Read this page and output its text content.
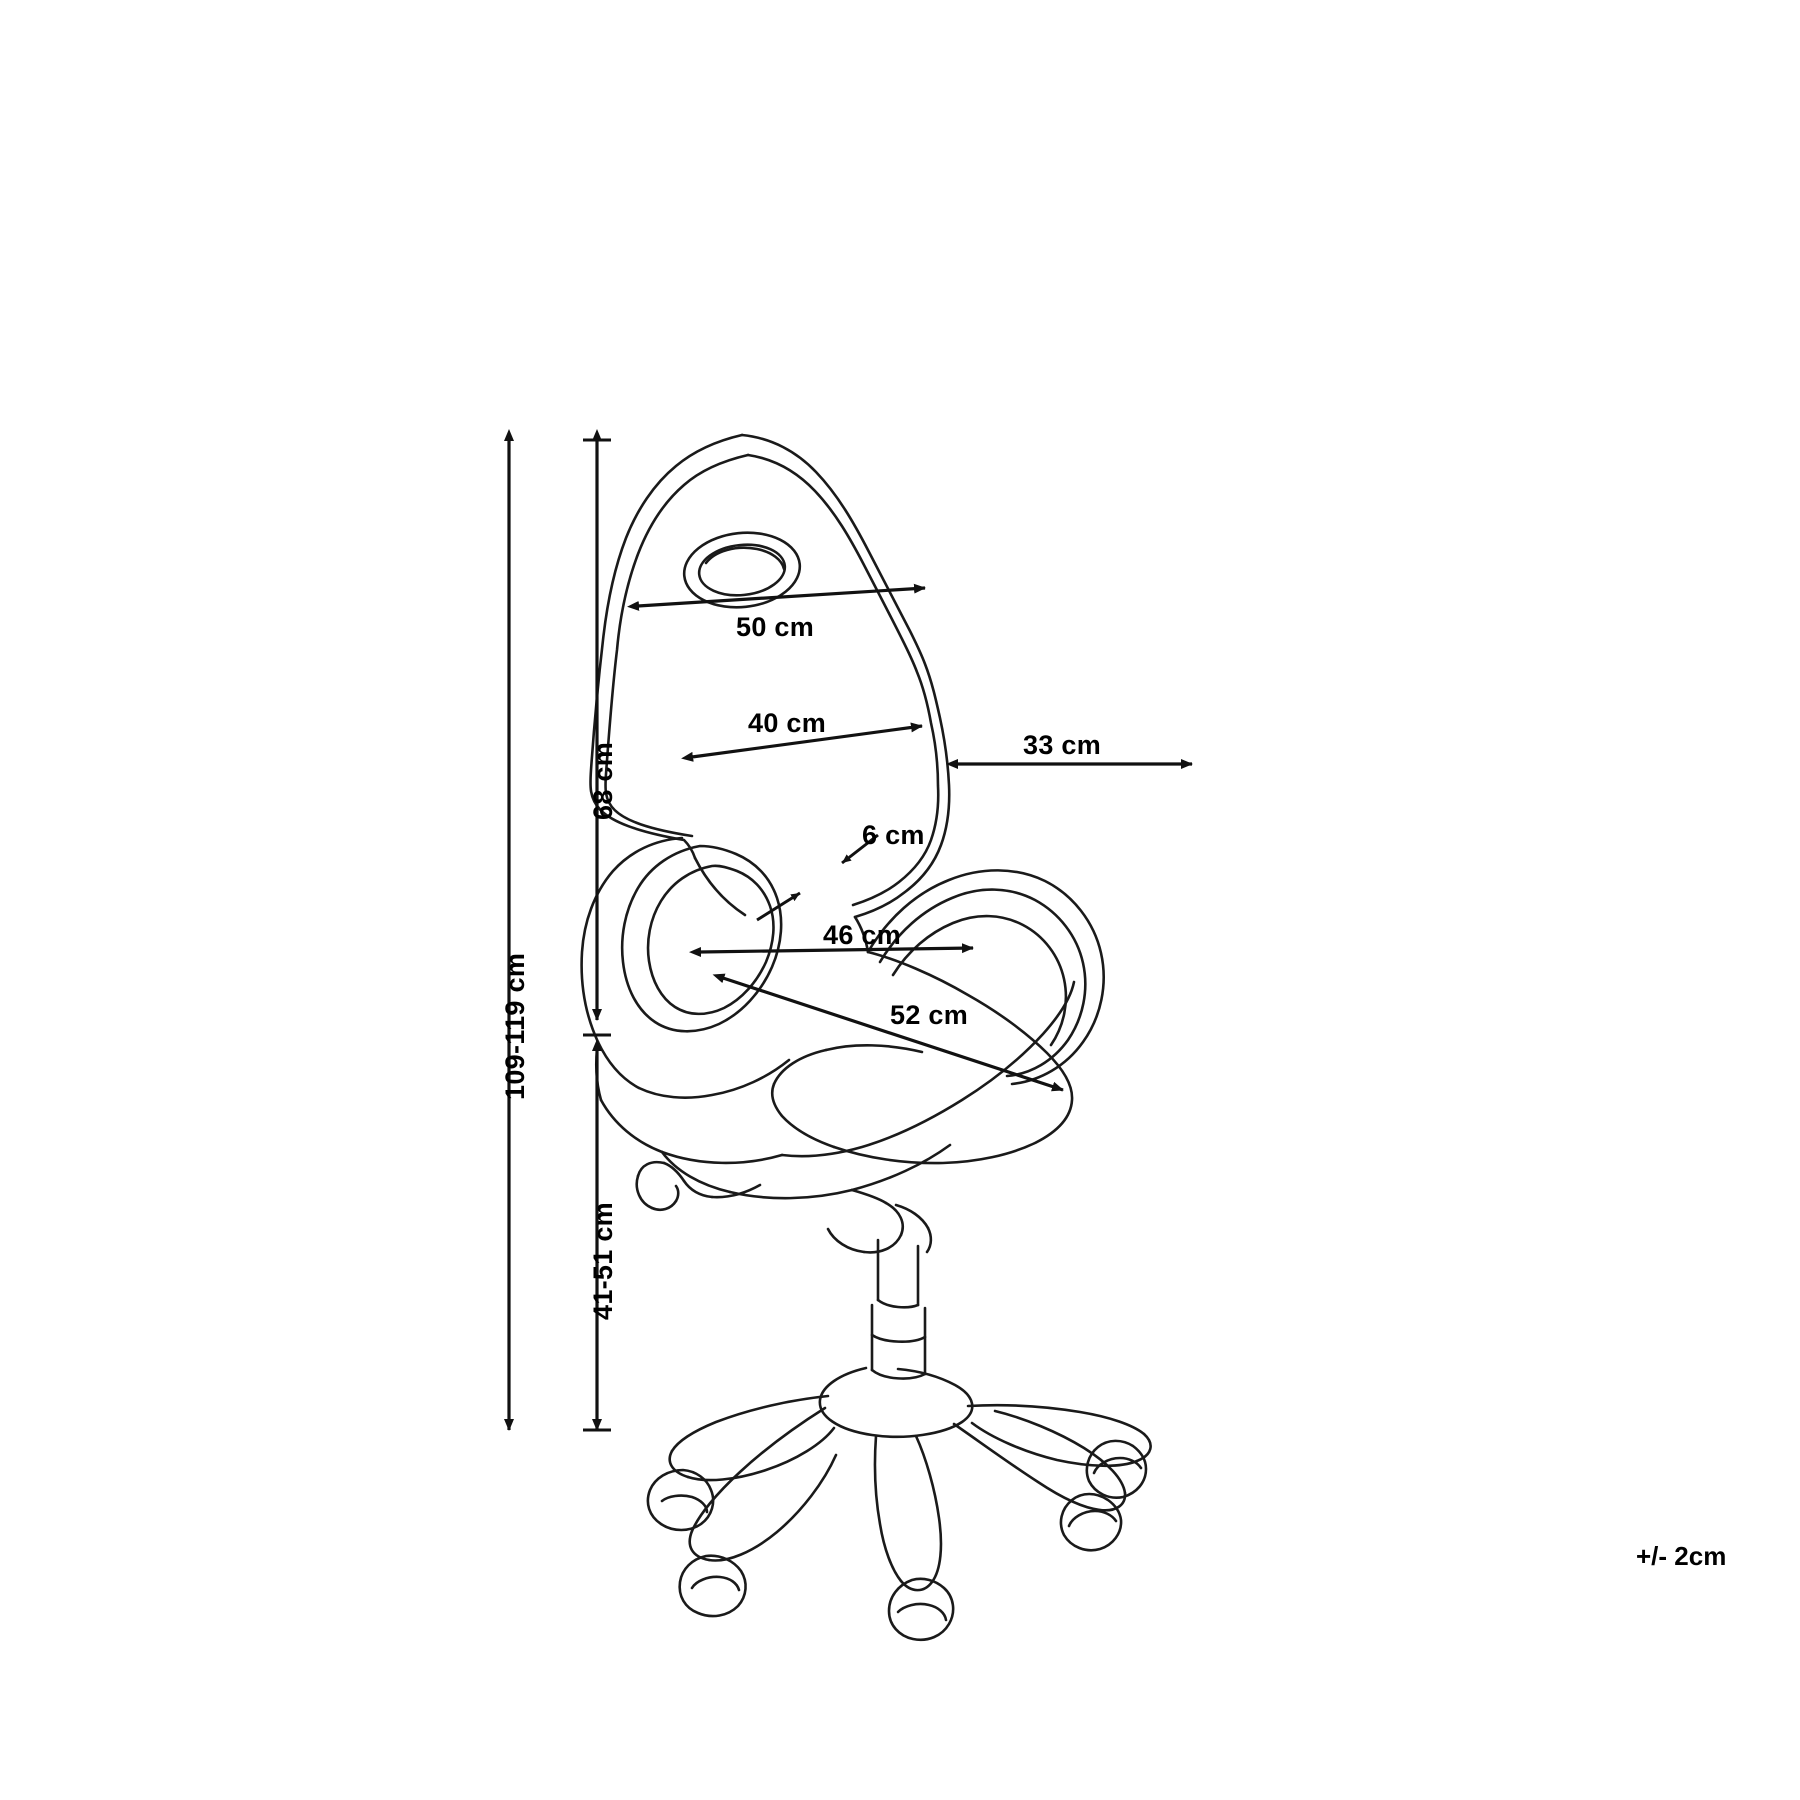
109-119 cm
41-51 cm
68 cm
50 cm
40 cm
33 cm
6 cm
46 cm
52 cm
+/- 2cm
